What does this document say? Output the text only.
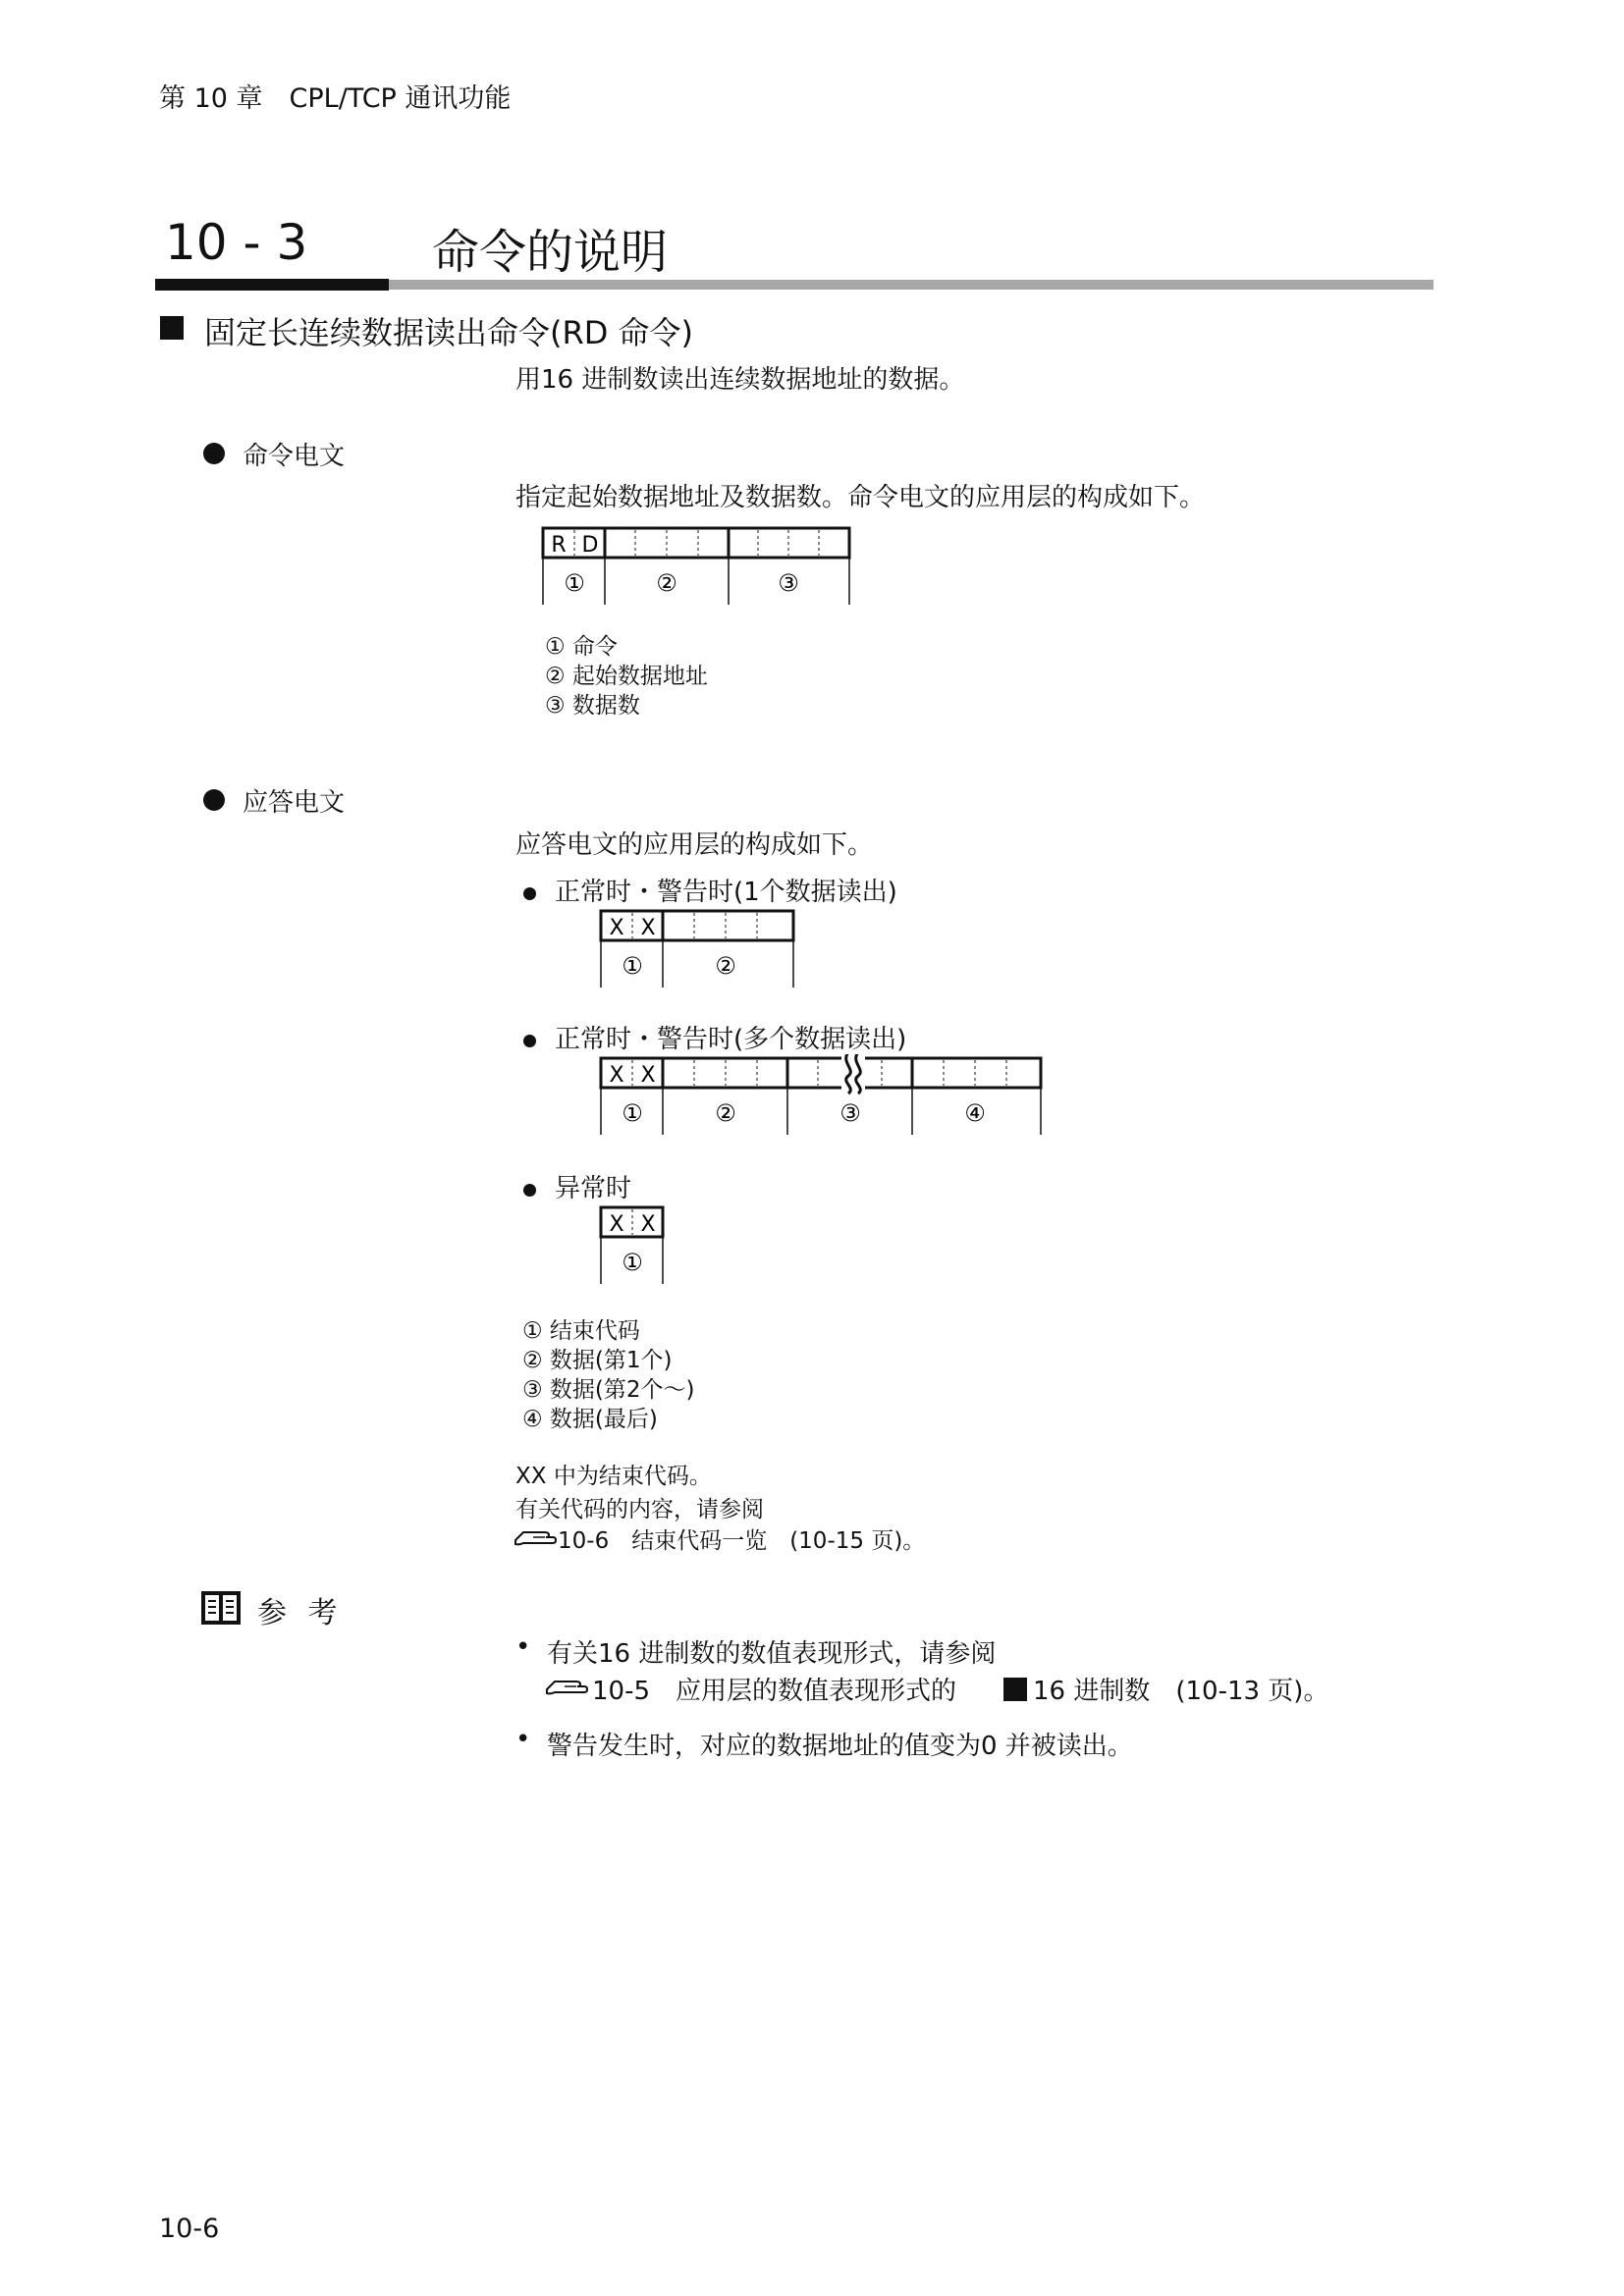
第 10 章　CPL/TCP 通讯功能
10 - 3	命令的说明
固定长连续数据读出命令(RD 命令)
用16 进制数读出连续数据地址的数据。
命令电文
指定起始数据地址及数据数。命令电文的应用层的构成如下。
R D
①	②	③
① 命令
② 起始数据地址
③ 数据数
应答电文
应答电文的应用层的构成如下。
正常时・警告时(1个数据读出)
X X
①	②
正常时・警告时(多个数据读出)
X X
①	②	③	④
异常时
X X
①
① 结束代码
② 数据(第1个)
③ 数据(第2个～)
④ 数据(最后)
XX 中为结束代码。
有关代码的内容，请参阅
10-6　结束代码一览　(10-15 页)。
参 考
• 有关16 进制数的数值表现形式，请参阅
10-5　应用层的数值表现形式的	16 进制数　(10-13 页)。
• 警告发生时，对应的数据地址的值变为0 并被读出。
10-6
